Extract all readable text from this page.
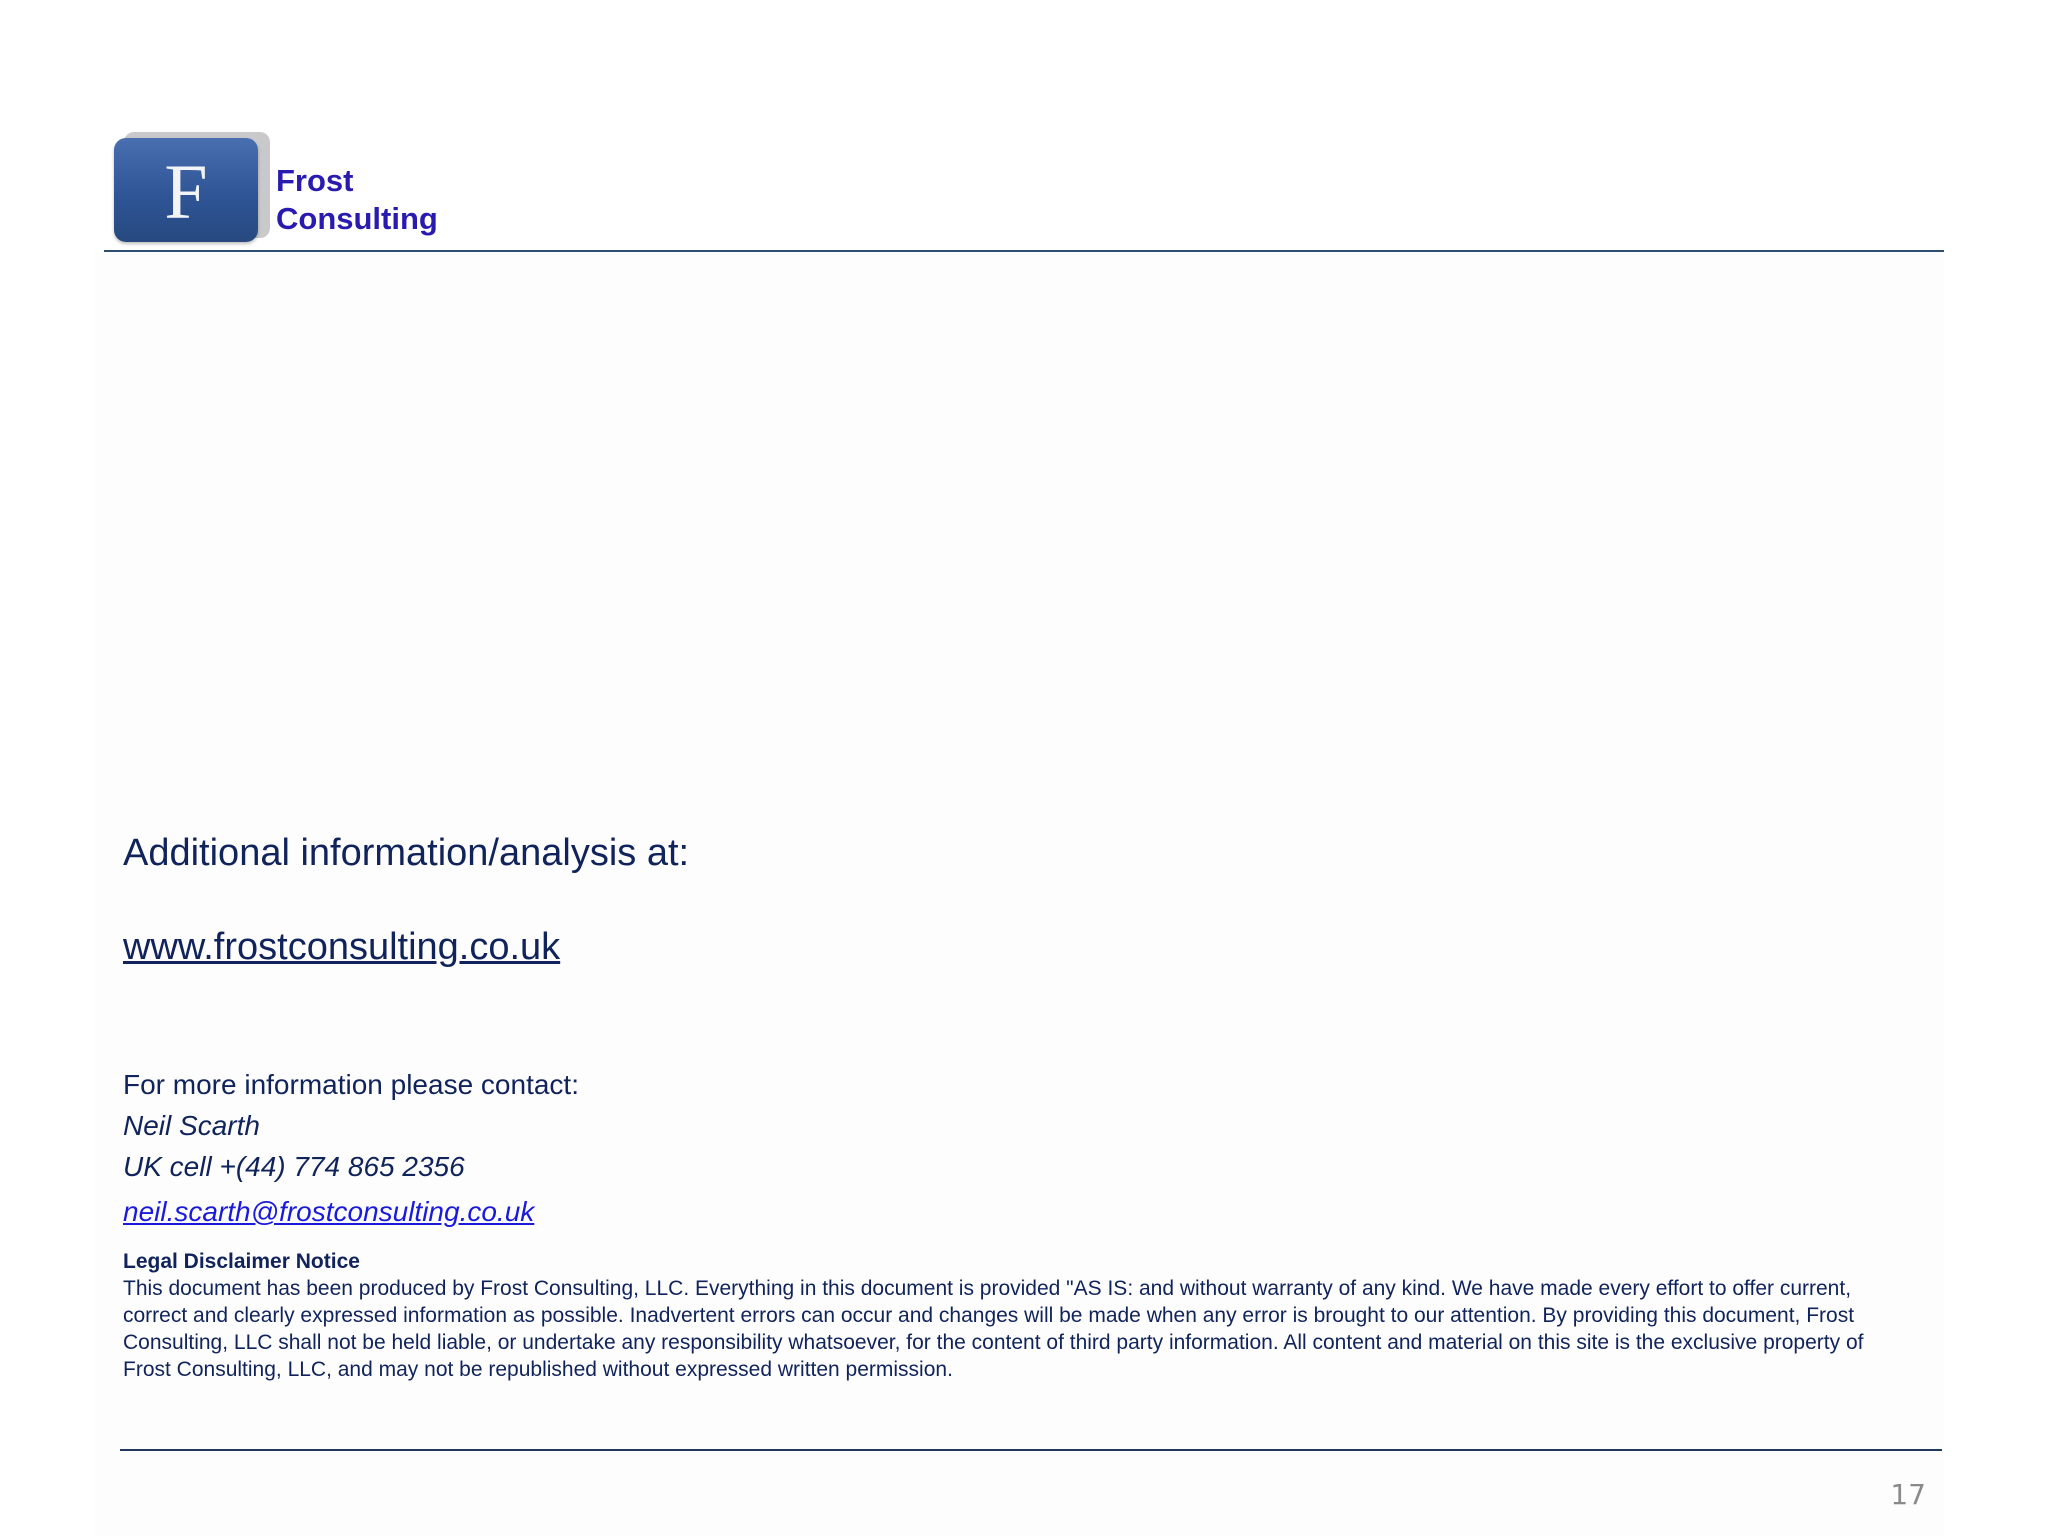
F Frost
Consulting
Additional information/analysis at:
www.frostconsulting.co.uk
For more information please contact:
Neil Scarth
UK cell +(44) 774 865 2356
neil.scarth@frostconsulting.co.uk
Legal Disclaimer Notice
This document has been produced by Frost Consulting, LLC. Everything in this document is provided "AS IS: and without warranty of any kind. We have made every effort to offer current, correct and clearly expressed information as possible. Inadvertent errors can occur and changes will be made when any error is brought to our attention. By providing this document, Frost Consulting, LLC shall not be held liable, or undertake any responsibility whatsoever, for the content of third party information. All content and material on this site is the exclusive property of Frost Consulting, LLC, and may not be republished without expressed written permission.
17
